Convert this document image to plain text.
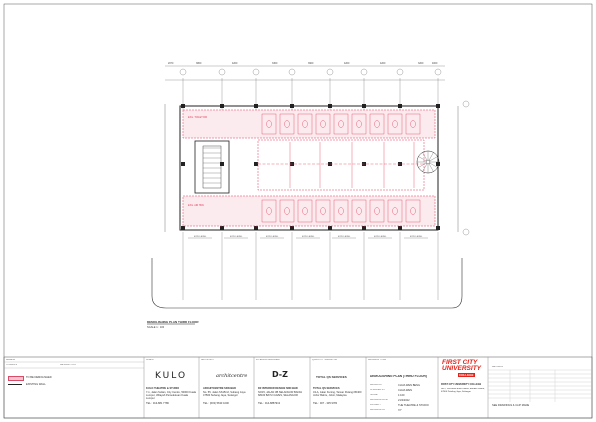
2070	3800	4200	3300	3900	4200	4200	3200	4000
EXG. TOILET RM
EXG. AIR HDU
4270 LEVEL	4270 LEVEL	4270 LEVEL	4270 LEVEL	4270 LEVEL	4270 LEVEL	4270 LEVEL
DEMOLISHING PLAN THIRD FLOOR
SCALE 1 : 100
LEGEND
SYMBOLS	DESCRIPTION
TO BE DEMOLISHED
EXISTING WALL
CLIENT
KULO
KULO THEATRE & STUDIO
7-1, Jalan Sultan, City Centre, 50000 Kuala Lumpur, Wilayah Persekutuan Kuala Lumpur
TEL : 013-881 7786
ARCHITECT
architcentre
ARCHITCENTRE SDN BHD
No. 55, Jalan SS15/4J, Subang Jaya 47500 Subang Jaya, Selangor
TEL : (603) 5633 1000
INTERIOR DESIGNER
D-Z
DZ INTERIOR DESIGN SDN BHD
NO15, JALAN 3B SELANGOR BANGI 68100 BATU CAVES, SELANGOR
TEL : 014-8887913
QUANTITY SURVEYOR
TOTAL QS SERVICES
TOTAL QS SERVICES
43-A, Jalan Kuning, Taman Pelangi 80400 Johor Bahru, Johor, Malaysia
TEL : 007 - 335 9783
DRAWING TITLE
DEMOLISHING PLAN (THIRD FLOOR)
DRAWN BY	CHUA WEN BENG
CHECKED BY	CHUA WEN
SCALE	1:100
DRAWING DATE	21/3/2022
PROJECT	THE THEATRE & STUDIO
DRAWING NO	7/7
FIRST CITY
UNIVERSITY
COLLEGE
FIRST CITY UNIVERSITY COLLEGE
No.1, Persiaran Bukit Utama, Bandar Utama, 47800 Petaling Jaya, Selangor
REVISION
SEE DRAWINGS & CLIP MADE
